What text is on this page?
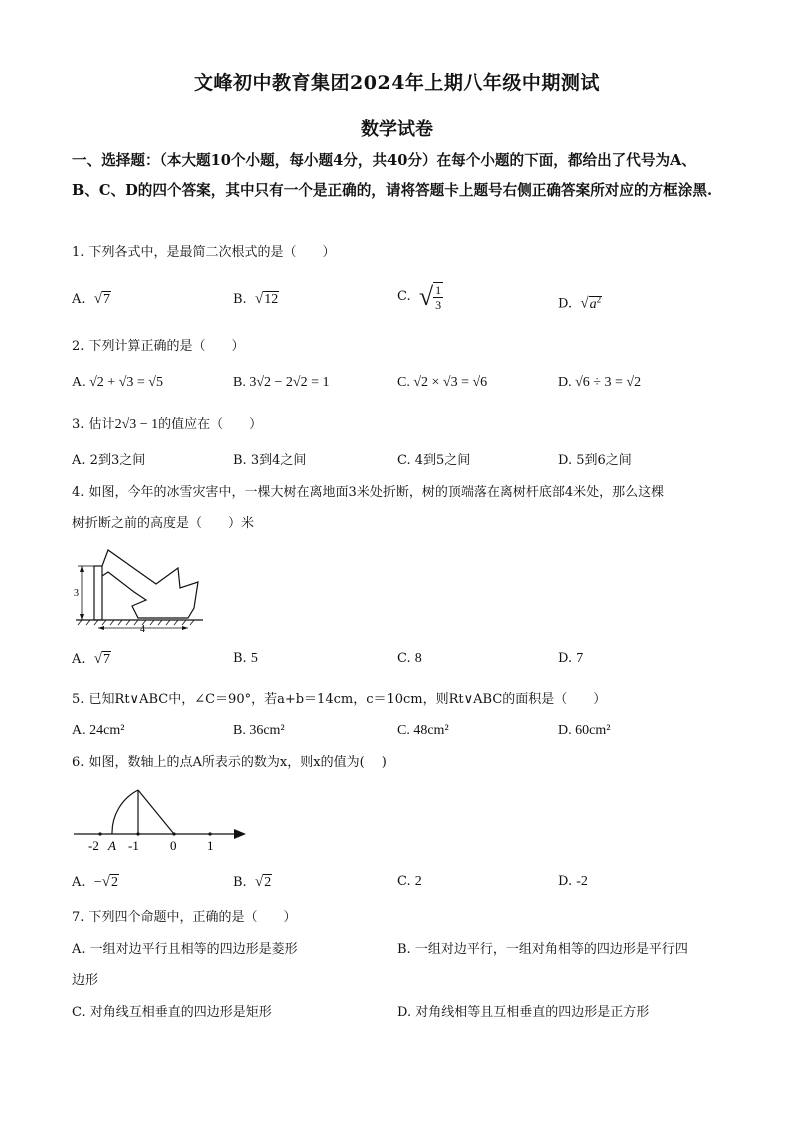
文峰初中教育集团2024年上期八年级中期测试
数学试卷

一、选择题：（本大题10个小题，每小题4分，共40分）在每个小题的下面，都给出了代号为A、B、C、D的四个答案，其中只有一个是正确的，请将答题卡上题号右侧正确答案所对应的方框涂黑.

1. 下列各式中，是最简二次根式的是（　　）
A. √7	B. √12	C. √ $\frac{1}{3}$	D. $√a^2$
2. 下列计算正确的是（　　）
A. √2 + √3 = √5	B. 3√2 − 2√2 = 1	C. √2 × √3 = √6	D. √6 ÷ 3 = √2
3. 估计2√3 − 1的值应在（　　）
A. 2到3之间	B. 3到4之间	C. 4到5之间	D. 5到6之间
4. 如图，今年的冰雪灾害中，一棵大树在离地面3米处折断，树的顶端落在离树杆底部4米处，那么这棵
树折断之前的高度是（　　）米
3
4
A. √7	B. 5	C. 8	D. 7
5. 已知Rt∨ABC中，∠C＝90°，若a+b＝14cm，c＝10cm，则Rt∨ABC的面积是（　　）
A. 24cm²	B. 36cm²	C. 48cm²	D. 60cm²
6. 如图，数轴上的点A所表示的数为x，则x的值为(　 )
-2 A -1 0 1
A. −√2	B. √2	C. 2	D. -2
7. 下列四个命题中，正确的是（　　）
A. 一组对边平行且相等的四边形是菱形	B. 一组对边平行，一组对角相等的四边形是平行四
边形
C. 对角线互相垂直的四边形是矩形	D. 对角线相等且互相垂直的四边形是正方形
